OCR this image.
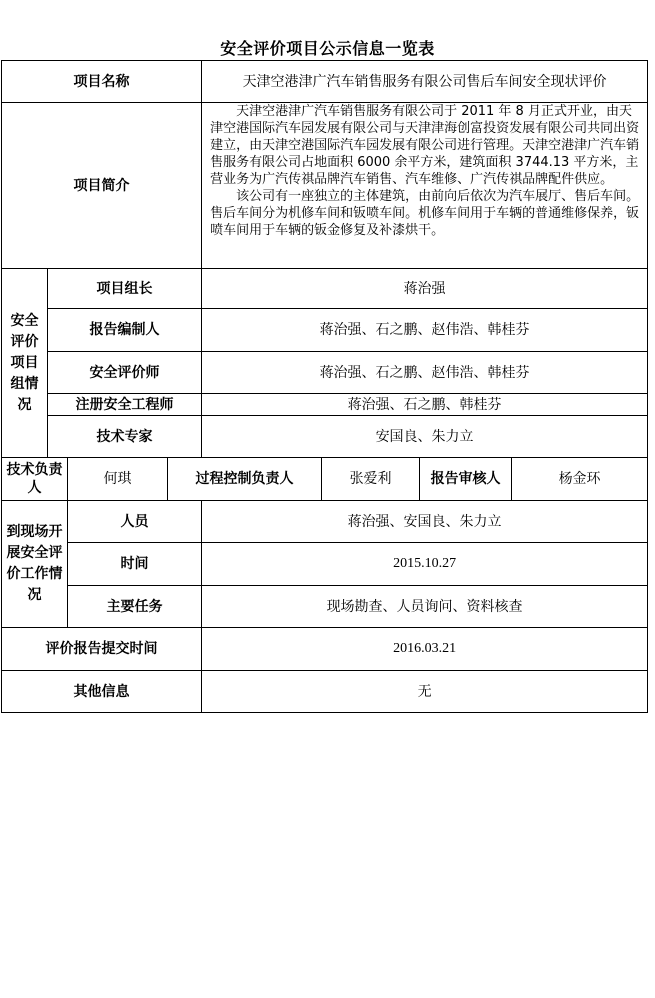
安全评价项目公示信息一览表
项目名称				天津空港津广汽车销售服务有限公司售后车间安全现状评价			
项目简介				天津空港津广汽车销售服务有限公司于 2011 年 8 月正式开业，由天津空港国际汽车园发展有限公司与天津津海创富投资发展有限公司共同出资建立，由天津空港国际汽车园发展有限公司进行管理。天津空港津广汽车销售服务有限公司占地面积 6000 余平方米，建筑面积 3744.13 平方米，主营业务为广汽传祺品牌汽车销售、汽车维修、广汽传祺品牌配件供应。

该公司有一座独立的主体建筑，由前向后依次为汽车展厅、售后车间。售后车间分为机修车间和钣喷车间。机修车间用于车辆的普通维修保养，钣喷车间用于车辆的钣金修复及补漆烘干。			

安全评价项目组情况	项目组长			蒋治强			
	报告编制人			蒋治强、石之鹏、赵伟浩、韩桂芬			
	安全评价师			蒋治强、石之鹏、赵伟浩、韩桂芬			
	注册安全工程师			蒋治强、石之鹏、韩桂芬			
	技术专家			安国良、朱力立			
技术负责人		何琪	过程控制负责人		张爱利	报告审核人	杨金环
到现场开展安全评价工作情况		人员		蒋治强、安国良、朱力立			
		时间		2015.10.27			
		主要任务		现场勘查、人员询问、资料核查			
评价报告提交时间				2016.03.21			
其他信息				无			
